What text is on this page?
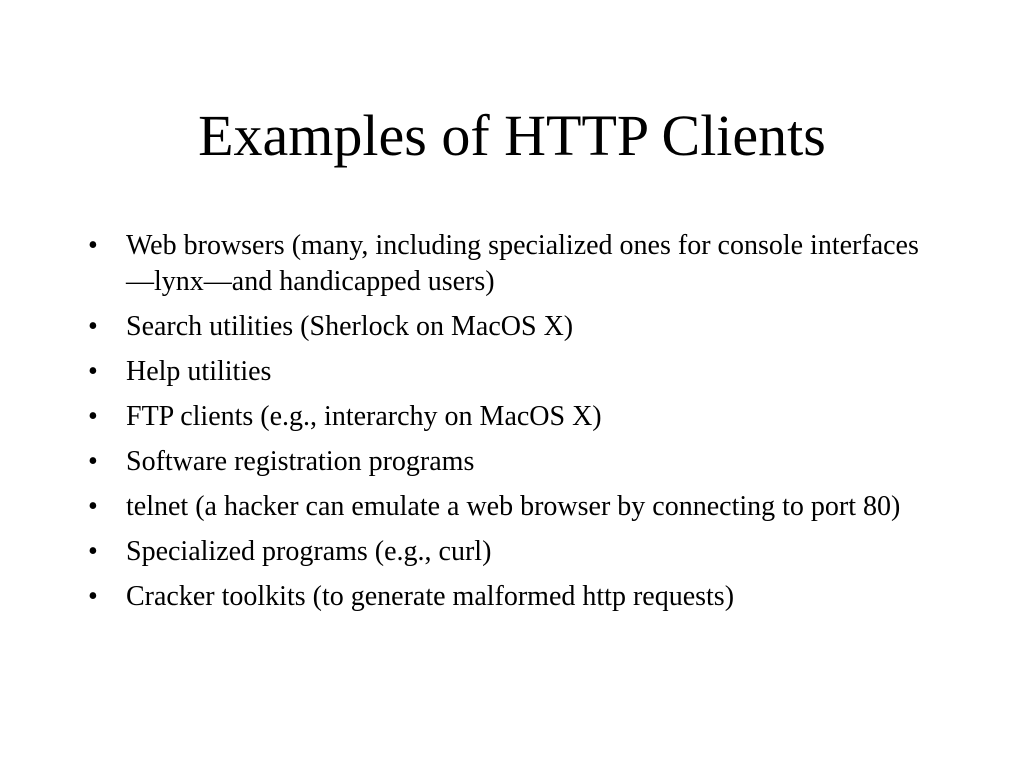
Examples of HTTP Clients
•	Web browsers (many, including specialized ones for console interfaces—lynx—and handicapped users)
•	Search utilities (Sherlock on MacOS X)
•	Help utilities
•	FTP clients (e.g., interarchy on MacOS X)
•	Software registration programs
•	telnet (a hacker can emulate a web browser by connecting to port 80)
•	Specialized programs (e.g., curl)
•	Cracker toolkits (to generate malformed http requests)
